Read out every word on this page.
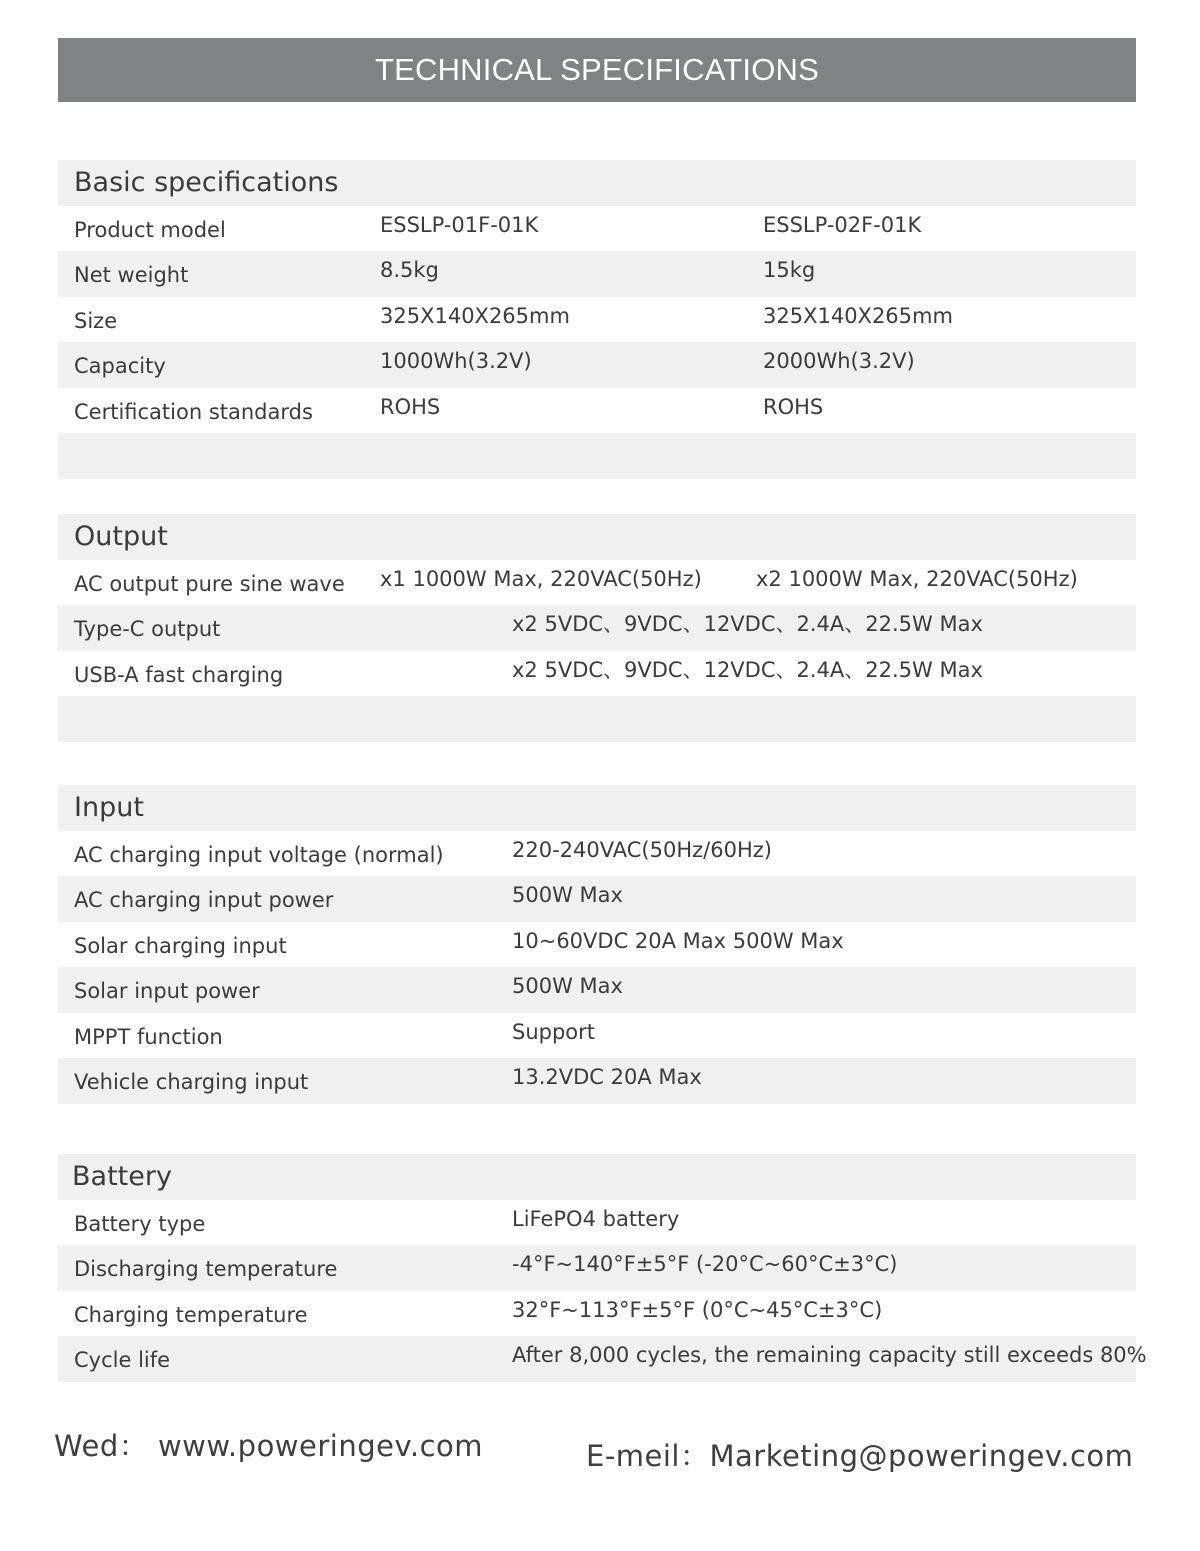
TECHNICAL SPECIFICATIONS
Basic specifications
Product model	ESSLP-01F-01K	ESSLP-02F-01K
Net weight	8.5kg	15kg
Size	325X140X265mm	325X140X265mm
Capacity	1000Wh(3.2V)	2000Wh(3.2V)
Certification standards	ROHS	ROHS
Output
AC output pure sine wave x1 1000W Max, 220VAC(50Hz)	x2 1000W Max, 220VAC(50Hz)
Type-C output	x2 5VDC、9VDC、12VDC、2.4A、22.5W Max
USB-A fast charging	x2 5VDC、9VDC、12VDC、2.4A、22.5W Max
Input
AC charging input voltage (normal)	220-240VAC(50Hz/60Hz)
AC charging input power	500W Max
Solar charging input	10~60VDC 20A Max 500W Max
Solar input power	500W Max
MPPT function	Support
Vehicle charging input	13.2VDC 20A Max
Battery
Battery type	LiFePO4 battery
Discharging temperature	-4°F~140°F±5°F (-20°C~60°C±3°C)
Charging temperature	32°F~113°F±5°F (0°C~45°C±3°C)
Cycle life	After 8,000 cycles, the remaining capacity still exceeds 80%
Wed： www.poweringev.com	E-meil：Marketing@poweringev.com
